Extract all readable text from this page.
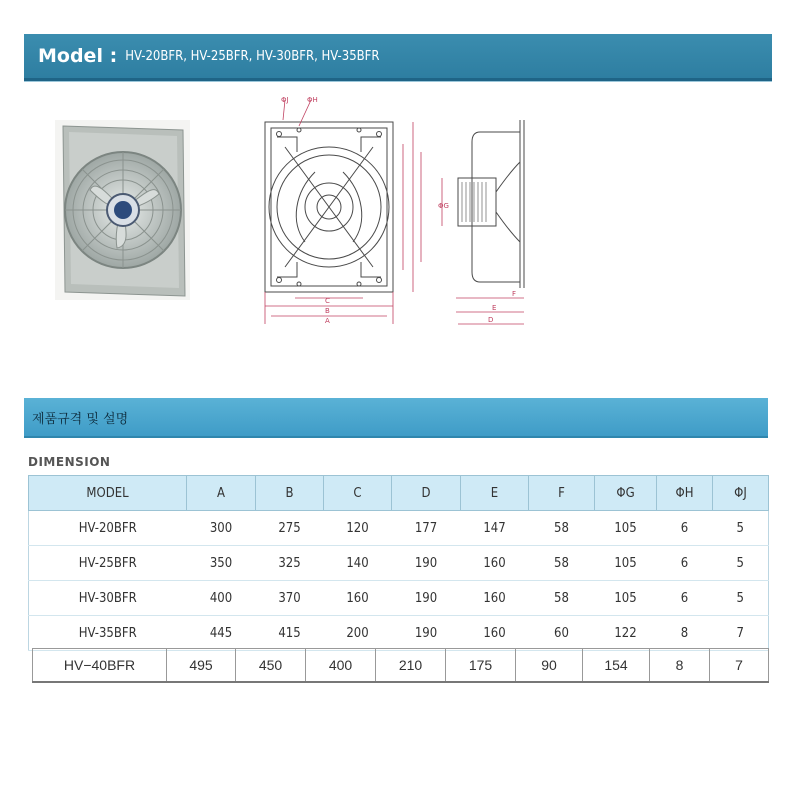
Model : HV-20BFR, HV-25BFR, HV-30BFR, HV-35BFR
C
B
A
ΦJ	ΦH
ΦG
F
E
D
제품규격 및 설명
DIMENSION
MODEL	A	B	C	D	E	F	ΦG	ΦH	ΦJ
HV-20BFR	300	275	120	177	147	58	105	6	5
HV-25BFR	350	325	140	190	160	58	105	6	5
HV-30BFR	400	370	160	190	160	58	105	6	5
HV-35BFR	445	415	200	190	160	60	122	8	7
HV−40BFR	495	450	400	210	175	90	154	8	7
